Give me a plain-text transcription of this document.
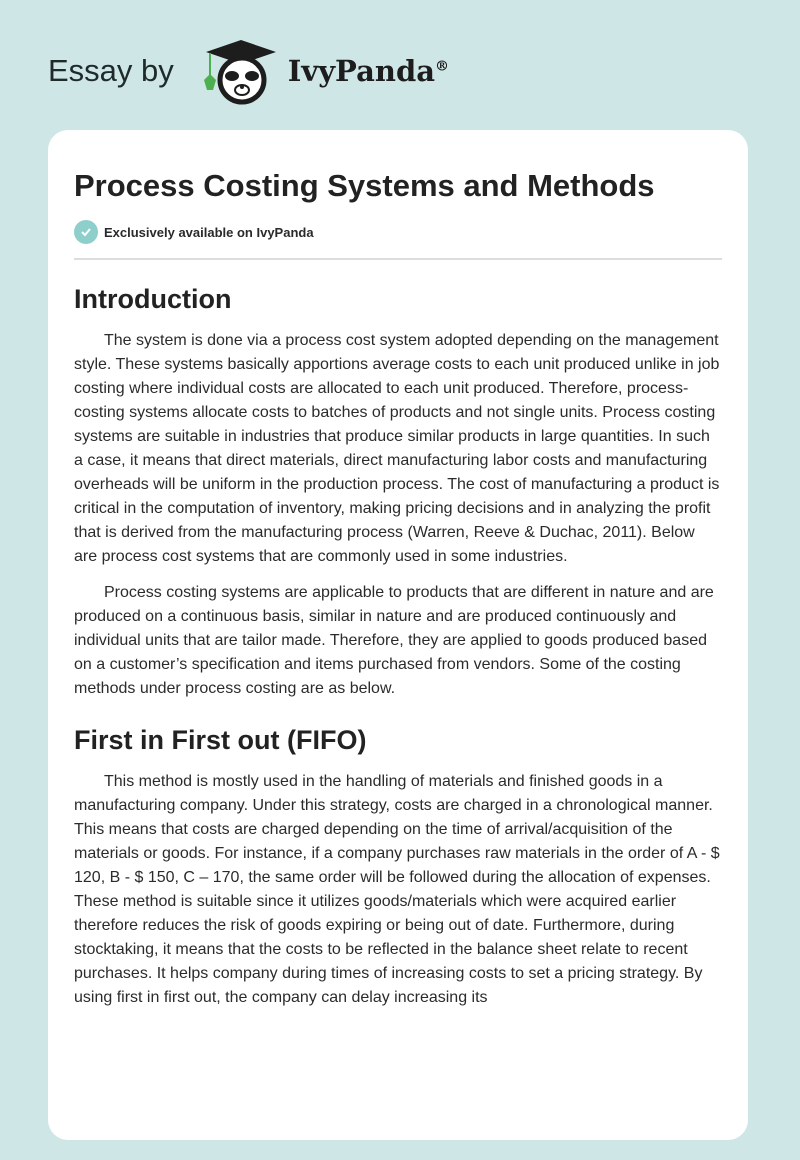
Essay by	IvyPanda®
Process Costing Systems and Methods
Exclusively available on IvyPanda
Introduction

The system is done via a process cost system adopted depending on the management style. These systems basically apportions average costs to each unit produced unlike in job costing where individual costs are allocated to each unit produced. Therefore, process-costing systems allocate costs to batches of products and not single units. Process costing systems are suitable in industries that produce similar products in large quantities. In such a case, it means that direct materials, direct manufacturing labor costs and manufacturing overheads will be uniform in the production process. The cost of manufacturing a product is critical in the computation of inventory, making pricing decisions and in analyzing the profit that is derived from the manufacturing process (Warren, Reeve & Duchac, 2011). Below are process cost systems that are commonly used in some industries.

Process costing systems are applicable to products that are different in nature and are produced on a continuous basis, similar in nature and are produced continuously and individual units that are tailor made. Therefore, they are applied to goods produced based on a customer’s specification and items purchased from vendors. Some of the costing methods under process costing are as below.

First in First out (FIFO)

This method is mostly used in the handling of materials and finished goods in a manufacturing company. Under this strategy, costs are charged in a chronological manner. This means that costs are charged depending on the time of arrival/acquisition of the materials or goods. For instance, if a company purchases raw materials in the order of A - $ 120, B - $ 150, C – 170, the same order will be followed during the allocation of expenses. These method is suitable since it utilizes goods/materials which were acquired earlier therefore reduces the risk of goods expiring or being out of date. Furthermore, during stocktaking, it means that the costs to be reflected in the balance sheet relate to recent purchases. It helps company during times of increasing costs to set a pricing strategy. By using first in first out, the company can delay increasing its
